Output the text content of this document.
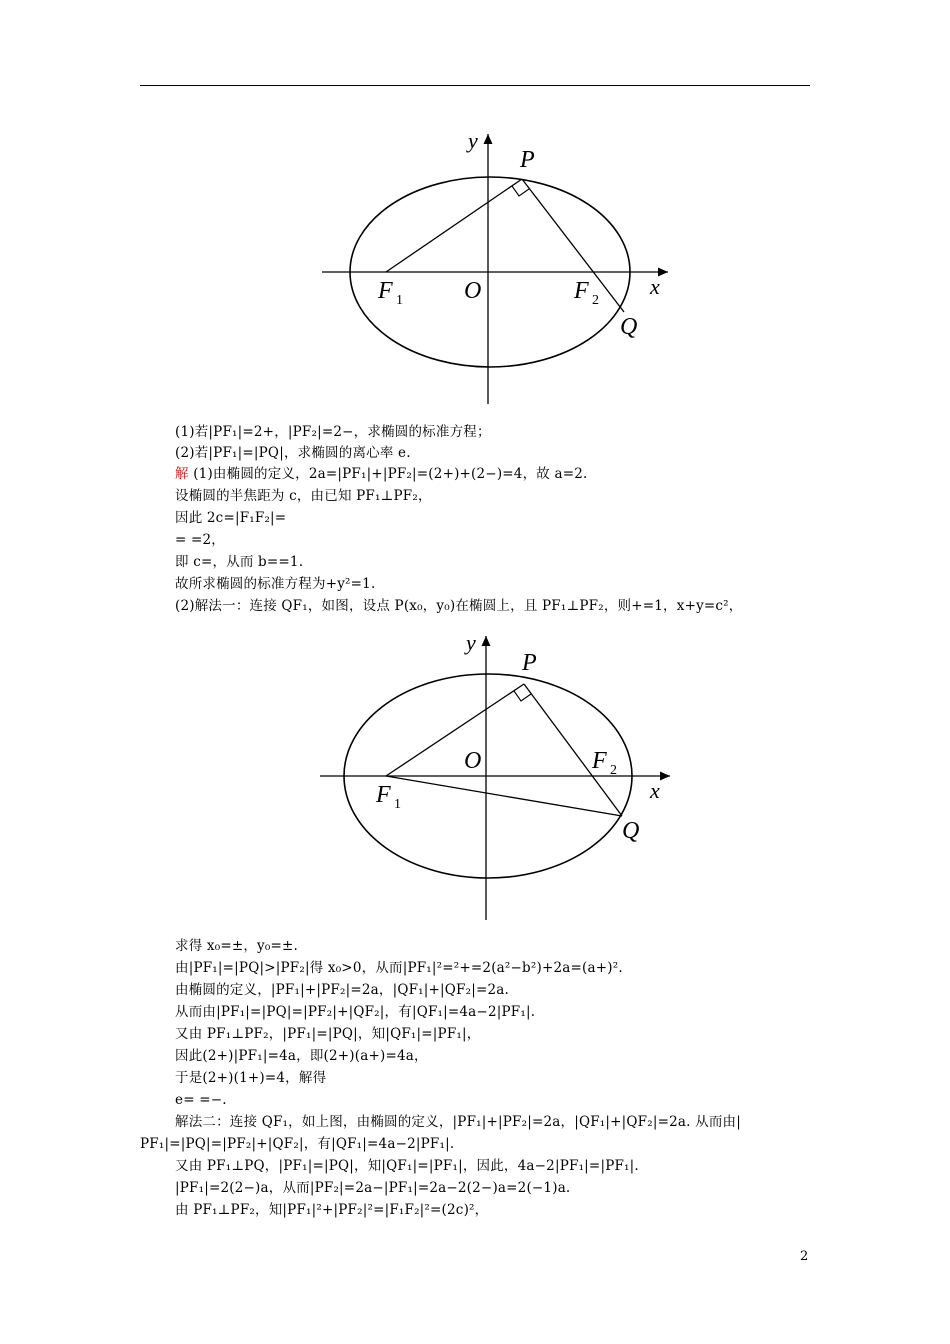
y
P
O
F 1	F 2
x
Q
(1)若|PF₁|=2+，|PF₂|=2−，求椭圆的标准方程；
(2)若|PF₁|=|PQ|，求椭圆的离心率 e.
解 (1)由椭圆的定义，2a=|PF₁|+|PF₂|=(2+)+(2−)=4，故 a=2.
设椭圆的半焦距为 c，由已知 PF₁⊥PF₂，
因此 2c=|F₁F₂|=
= =2，
即 c=，从而 b==1.
故所求椭圆的标准方程为+y²=1.
(2)解法一：连接 QF₁，如图，设点 P(x₀，y₀)在椭圆上，且 PF₁⊥PF₂，则+=1，x+y=c²，
y
P
O
F 1
F 2
x
Q
求得 x₀=±，y₀=±.
由|PF₁|=|PQ|>|PF₂|得 x₀>0，从而|PF₁|²=²+=2(a²−b²)+2a=(a+)².
由椭圆的定义，|PF₁|+|PF₂|=2a，|QF₁|+|QF₂|=2a.
从而由|PF₁|=|PQ|=|PF₂|+|QF₂|，有|QF₁|=4a−2|PF₁|.
又由 PF₁⊥PF₂，|PF₁|=|PQ|，知|QF₁|=|PF₁|，
因此(2+)|PF₁|=4a，即(2+)(a+)=4a，
于是(2+)(1+)=4，解得
e= =−.
解法二：连接 QF₁，如上图，由椭圆的定义，|PF₁|+|PF₂|=2a，|QF₁|+|QF₂|=2a. 从而由|
PF₁|=|PQ|=|PF₂|+|QF₂|，有|QF₁|=4a−2|PF₁|.
又由 PF₁⊥PQ，|PF₁|=|PQ|，知|QF₁|=|PF₁|，因此，4a−2|PF₁|=|PF₁|.
|PF₁|=2(2−)a，从而|PF₂|=2a−|PF₁|=2a−2(2−)a=2(−1)a.
由 PF₁⊥PF₂，知|PF₁|²+|PF₂|²=|F₁F₂|²=(2c)²，
2
